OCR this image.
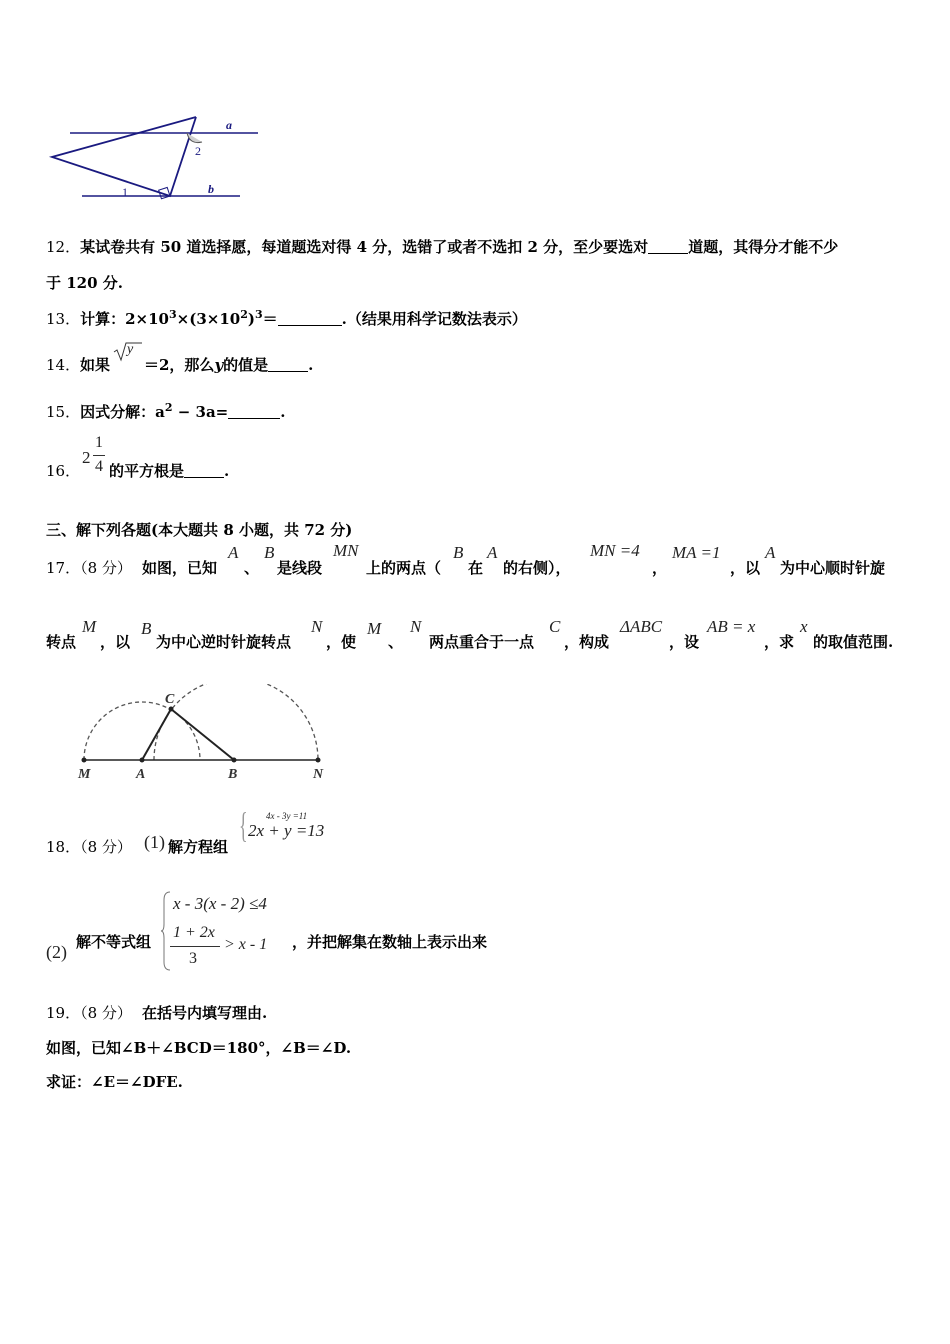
a
b
1
2
12．某试卷共有 50 道选择愿，每道题选对得 4 分，选错了或者不选扣 2 分，至少要选对	道题，其得分才能不少
于 120 分.
13．计算：$2\times 10^3\times(3\times 10^2)^3=$	.（结果用科学记数法表示）
14． 如果
y
＝2，那么y的值是	.
15．因式分解：$a^2 - 3a=$	.
16．
2
1
4 的平方根是	.
三、解下列各题(本大题共 8 小题，共 72 分)
17．（8 分） 如图，已知
A
、
B
是线段
MN
上的两点（
B
在
A
的右侧），
MN =4
，
MA =1
，以
A
为中心顺时针旋
转点
M
，以
B
为中心逆时针旋转点
N
，使
M
、
N
两点重合于一点
C
，构成
ΔABC
，设
AB = x
，求
x
的取值范围.
M	A	B	N
C
18．（8 分） (1) 解方程组
{ 4x - 3y =11
2x + y =13
(2) 解不等式组
x - 3(x - 2) ≤4
1 + 2x
3
> x - 1 ，并把解集在数轴上表示出来
19．（8 分） 在括号内填写理由.
如图，已知∠B＋∠BCD＝180°，∠B＝∠D.
求证：∠E＝∠DFE.
